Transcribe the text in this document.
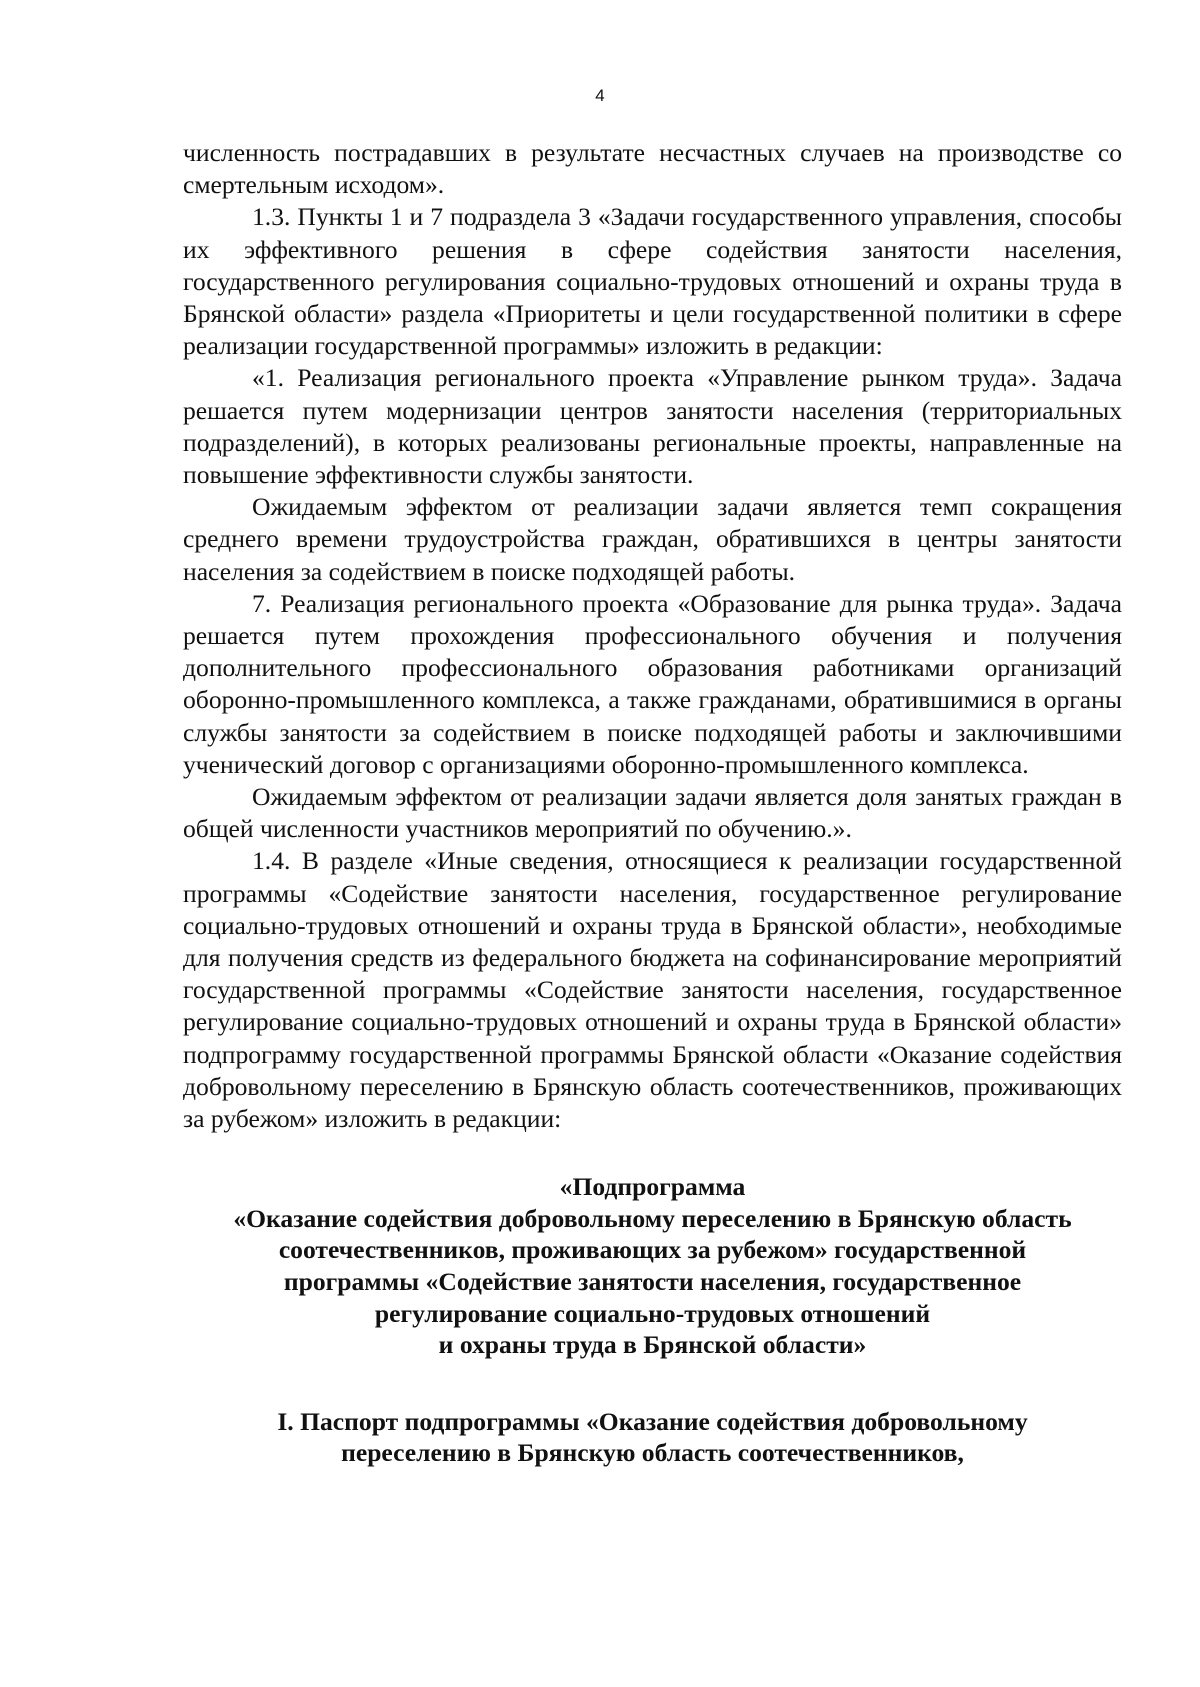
4

численность пострадавших в результате несчастных случаев на производстве со смертельным исходом».

1.3. Пункты 1 и 7 подраздела 3 «Задачи государственного управления, способы их эффективного решения в сфере содействия занятости населения, государственного регулирования социально-трудовых отношений и охраны труда в Брянской области» раздела «Приоритеты и цели государственной политики в сфере реализации государственной программы» изложить в редакции:

«1. Реализация регионального проекта «Управление рынком труда». Задача решается путем модернизации центров занятости населения (территориальных подразделений), в которых реализованы региональные проекты, направленные на повышение эффективности службы занятости.

Ожидаемым эффектом от реализации задачи является темп сокращения среднего времени трудоустройства граждан, обратившихся в центры занятости населения за содействием в поиске подходящей работы.

7. Реализация регионального проекта «Образование для рынка труда». Задача решается путем прохождения профессионального обучения и получения дополнительного профессионального образования работниками организаций оборонно-промышленного комплекса, а также гражданами, обратившимися в органы службы занятости за содействием в поиске подходящей работы и заключившими ученический договор с организациями оборонно-промышленного комплекса.

Ожидаемым эффектом от реализации задачи является доля занятых граждан в общей численности участников мероприятий по обучению.».

1.4. В разделе «Иные сведения, относящиеся к реализации государственной программы «Содействие занятости населения, государственное регулирование социально-трудовых отношений и охраны труда в Брянской области», необходимые для получения средств из федерального бюджета на софинансирование мероприятий государственной программы «Содействие занятости населения, государственное регулирование социально-трудовых отношений и охраны труда в Брянской области» подпрограмму государственной программы Брянской области «Оказание содействия добровольному переселению в Брянскую область соотечественников, проживающих за рубежом» изложить в редакции:

«Подпрограмма
«Оказание содействия добровольному переселению в Брянскую область
соотечественников, проживающих за рубежом» государственной
программы «Содействие занятости населения, государственное
регулирование социально-трудовых отношений
и охраны труда в Брянской области»
I. Паспорт подпрограммы «Оказание содействия добровольному
переселению в Брянскую область соотечественников,
